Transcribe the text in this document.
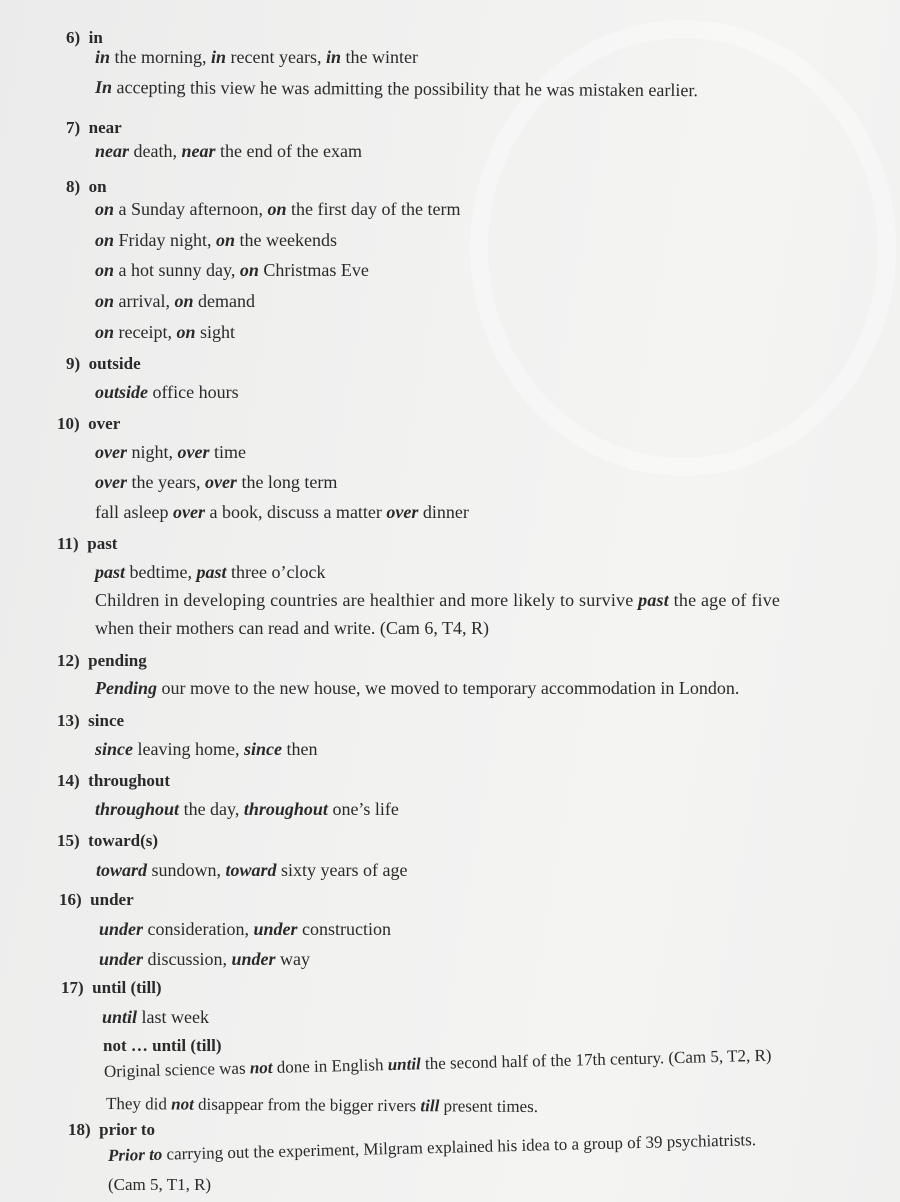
6) in
in the morning, in recent years, in the winter
In accepting this view he was admitting the possibility that he was mistaken earlier.
7) near
near death, near the end of the exam
8) on
on a Sunday afternoon, on the first day of the term
on Friday night, on the weekends
on a hot sunny day, on Christmas Eve
on arrival, on demand
on receipt, on sight
9) outside
outside office hours
10) over
over night, over time
over the years, over the long term
fall asleep over a book, discuss a matter over dinner
11) past
past bedtime, past three o’clock
Children in developing countries are healthier and more likely to survive past the age of five
when their mothers can read and write. (Cam 6, T4, R)
12) pending
Pending our move to the new house, we moved to temporary accommodation in London.
13) since
since leaving home, since then
14) throughout
throughout the day, throughout one’s life
15) toward(s)
toward sundown, toward sixty years of age
16) under
under consideration, under construction
under discussion, under way
17) until (till)
until last week
not … until (till)
Original science was not done in English until the second half of the 17th century. (Cam 5, T2, R)
They did not disappear from the bigger rivers till present times.
18) prior to
Prior to carrying out the experiment, Milgram explained his idea to a group of 39 psychiatrists.
(Cam 5, T1, R)
